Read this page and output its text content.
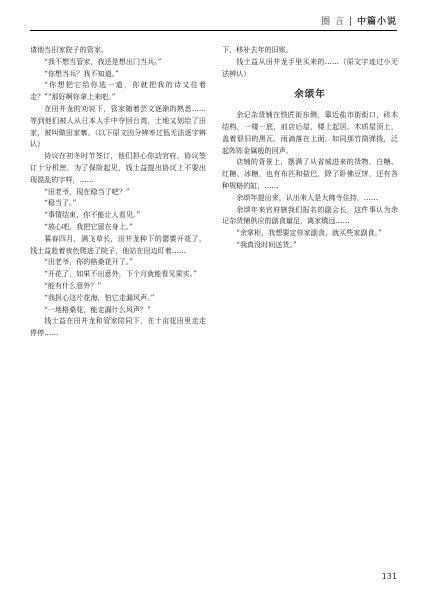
圈 言 | 中篇小说

请他当田家院子的管家。

“我不想当管家，我还是想出门当兵。”

“你想当兵？我不知道。”

“你想把它给你选一道，你就把我的诗又往着走？”“那好啊你拿上来吧。”

在田井龙的劝说下，管家随着芸文逐渐的熟悉……等到他们被人从日本人手中夺回台湾，土地又划给了田家，被叫做田家寨。（以下原文因分辨率过低无法逐字辨认）

协议在初冬时节签订，他们担心你动官府，协议签订十分机密，为了保险起见，钱士益提出协议上不要出现混乱的字样，……

“田老爷，现在稳当了吧？”

“稳当了。”

“事情结束，你不能让人看见。”

“放心吧，我把它留在身上。”

暮春四月，满飞草长，田井龙种下的罂粟开花了，钱士益趁着夜色爬进了院子，他站在田边盯着……

“田老爷，你的格桑花开了。”

“开花了，如果不出意外，下个月就能看见果实。”

“能有什么意外？”

“我担心这片花海，怕它走漏风声。”

“一地格桑花，能走漏什么风声？”

钱士益在田井龙和管家陪同下，在十亩花田里走走停停……

下，移补去年的旧账。

钱士益从田井龙手里买来的……（原文字迹过小无法辨认）

余颂年

余记杂货铺在铁匠街东侧，靠近盐市街街口，砖木结构，一楼一底，前店后屋，楼上起居。木质屋顶上，盖着很旧的黑瓦，雨滴落在上面，如同那竹筒弹拨，泛起阵阵金属般的回声。

店铺的背景上，摆满了从省城进来的货物，白糖、红糖、冰糖，也有布匹和盐巴，除了卧佛豆饼，还有各种规格的缸，……

余颂年提出来，认出来人是大佛寺住持，……

余颂年来官府辖我们报名的副会长，这件事认为余记杂货铺供应的副食量足，离家镇远……

“余掌柜，我想要定你家副食，就买些家副食。”

“我真没时间送货。”

131
